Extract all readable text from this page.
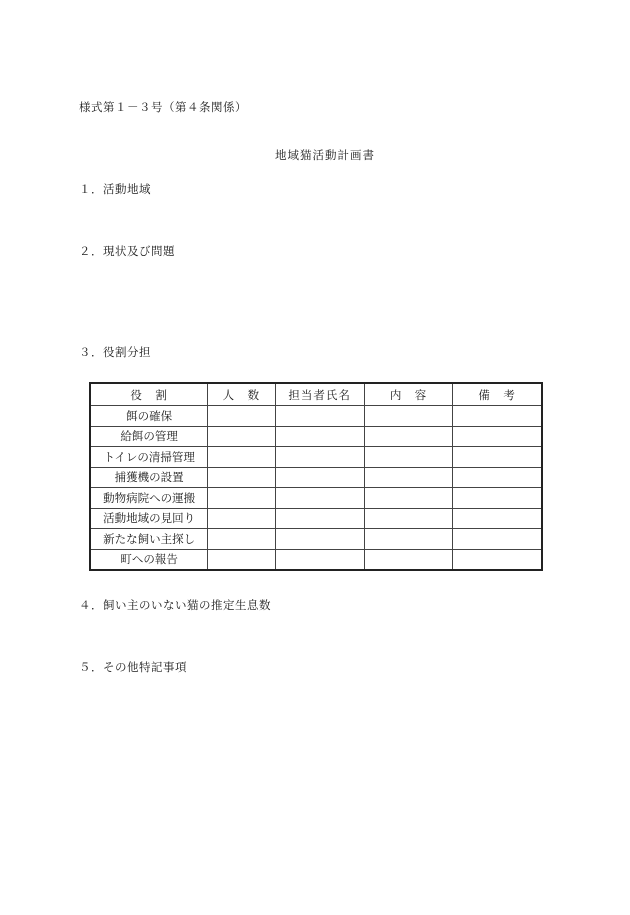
様式第１－３号（第４条関係）
地域猫活動計画書
１．活動地域
２．現状及び問題
３．役割分担
役　割	人　数	担当者氏名	内　容	備　考
餌の確保				
給餌の管理				
トイレの清掃管理				
捕獲機の設置				
動物病院への運搬				
活動地域の見回り				
新たな飼い主探し				
町への報告				
４．飼い主のいない猫の推定生息数
５．その他特記事項
